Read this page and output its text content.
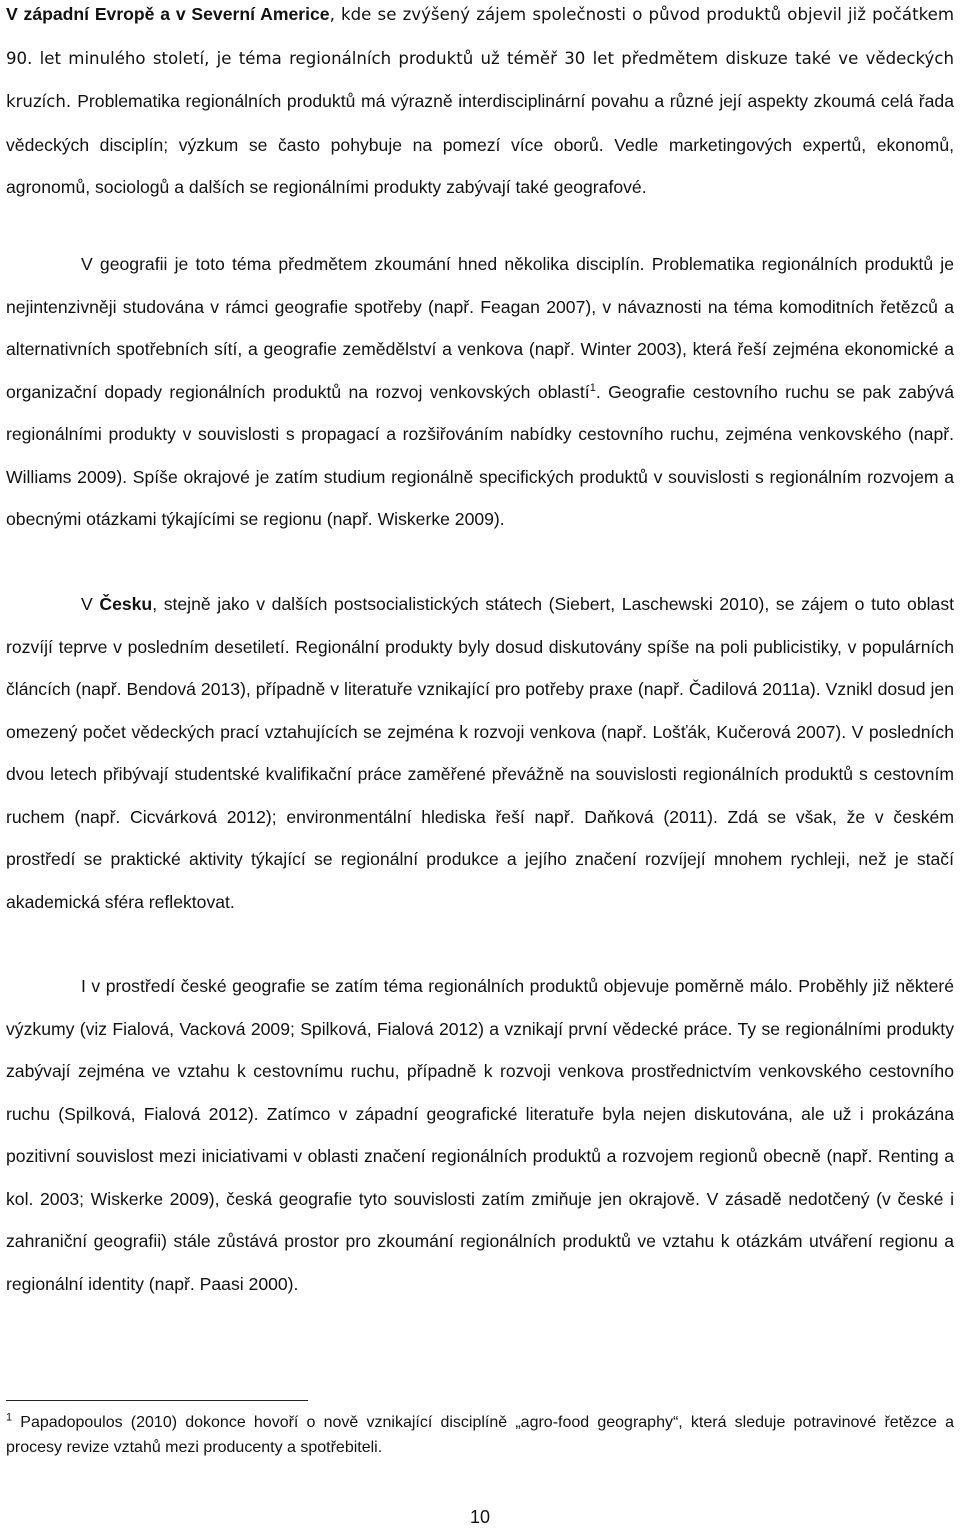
V západní Evropě a v Severní Americe, kde se zvýšený zájem společnosti o původ produktů objevil již počátkem 90. let minulého století, je téma regionálních produktů už téměř 30 let předmětem diskuze také ve vědeckých kruzích. Problematika regionálních produktů má výrazně interdisciplinární povahu a různé její aspekty zkoumá celá řada vědeckých disciplín; výzkum se často pohybuje na pomezí více oborů. Vedle marketingových expertů, ekonomů, agronomů, sociologů a dalších se regionálními produkty zabývají také geografové.

V geografii je toto téma předmětem zkoumání hned několika disciplín. Problematika regionálních produktů je nejintenzivněji studována v rámci geografie spotřeby (např. Feagan 2007), v návaznosti na téma komoditních řetězců a alternativních spotřebních sítí, a geografie zemědělství a venkova (např. Winter 2003), která řeší zejména ekonomické a organizační dopady regionálních produktů na rozvoj venkovských oblastí$^1$. Geografie cestovního ruchu se pak zabývá regionálními produkty v souvislosti s propagací a rozšiřováním nabídky cestovního ruchu, zejména venkovského (např. Williams 2009). Spíše okrajové je zatím studium regionálně specifických produktů v souvislosti s regionálním rozvojem a obecnými otázkami týkajícími se regionu (např. Wiskerke 2009).

V Česku, stejně jako v dalších postsocialistických státech (Siebert, Laschewski 2010), se zájem o tuto oblast rozvíjí teprve v posledním desetiletí. Regionální produkty byly dosud diskutovány spíše na poli publicistiky, v populárních článcích (např. Bendová 2013), případně v literatuře vznikající pro potřeby praxe (např. Čadilová 2011a). Vznikl dosud jen omezený počet vědeckých prací vztahujících se zejména k rozvoji venkova (např. Lošťák, Kučerová 2007). V posledních dvou letech přibývají studentské kvalifikační práce zaměřené převážně na souvislosti regionálních produktů s cestovním ruchem (např. Cicvárková 2012); environmentální hlediska řeší např. Daňková (2011). Zdá se však, že v českém prostředí se praktické aktivity týkající se regionální produkce a jejího značení rozvíjejí mnohem rychleji, než je stačí akademická sféra reflektovat.

I v prostředí české geografie se zatím téma regionálních produktů objevuje poměrně málo. Proběhly již některé výzkumy (viz Fialová, Vacková 2009; Spilková, Fialová 2012) a vznikají první vědecké práce. Ty se regionálními produkty zabývají zejména ve vztahu k cestovnímu ruchu, případně k rozvoji venkova prostřednictvím venkovského cestovního ruchu (Spilková, Fialová 2012). Zatímco v západní geografické literatuře byla nejen diskutována, ale už i prokázána pozitivní souvislost mezi iniciativami v oblasti značení regionálních produktů a rozvojem regionů obecně (např. Renting a kol. 2003; Wiskerke 2009), česká geografie tyto souvislosti zatím zmiňuje jen okrajově. V zásadě nedotčený (v české i zahraniční geografii) stále zůstává prostor pro zkoumání regionálních produktů ve vztahu k otázkám utváření regionu a regionální identity (např. Paasi 2000).

$^1$ Papadopoulos (2010) dokonce hovoří o nově vznikající disciplíně „agro-food geography“, která sleduje potravinové řetězce a procesy revize vztahů mezi producenty a spotřebiteli.

10
